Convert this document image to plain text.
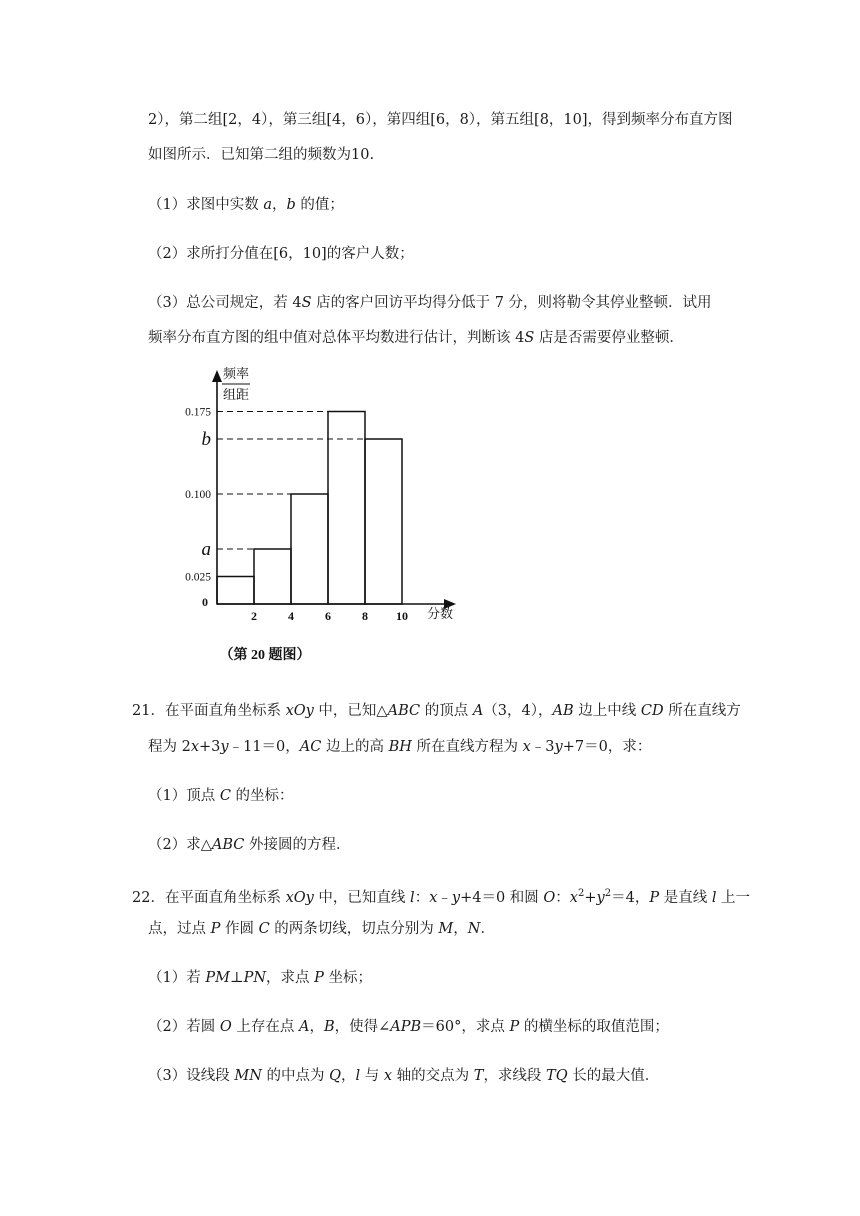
2），第二组[2，4），第三组[4，6），第四组[6，8），第五组[8，10]，得到频率分布直方图
如图所示．已知第二组的频数为10.
（1）求图中实数 a，b 的值；
（2）求所打分值在[6，10]的客户人数；
（3）总公司规定，若 4S 店的客户回访平均得分低于 7 分，则将勒令其停业整顿．试用
频率分布直方图的组中值对总体平均数进行估计，判断该 4S 店是否需要停业整顿．
频率
组距
分数
0
2	4	6	8 10
0.025
a
0.100
0.175
b
（第 20 题图）
21．在平面直角坐标系 xOy 中，已知△ABC 的顶点 A（3，4），AB 边上中线 CD 所在直线方
程为 2x+3y﹣11＝0，AC 边上的高 BH 所在直线方程为 x﹣3y+7＝0，求：
（1）顶点 C 的坐标：
（2）求△ABC 外接圆的方程．
22．在平面直角坐标系 xOy 中，已知直线 l：x﹣y+4＝0 和圆 O：$x^2+y^2=4$，P 是直线 l 上一
点，过点 P 作圆 C 的两条切线，切点分别为 M，N．
（1）若 PM⊥PN，求点 P 坐标；
（2）若圆 O 上存在点 A，B，使得∠APB＝60°，求点 P 的横坐标的取值范围；
（3）设线段 MN 的中点为 Q，l 与 x 轴的交点为 T，求线段 TQ 长的最大值．
